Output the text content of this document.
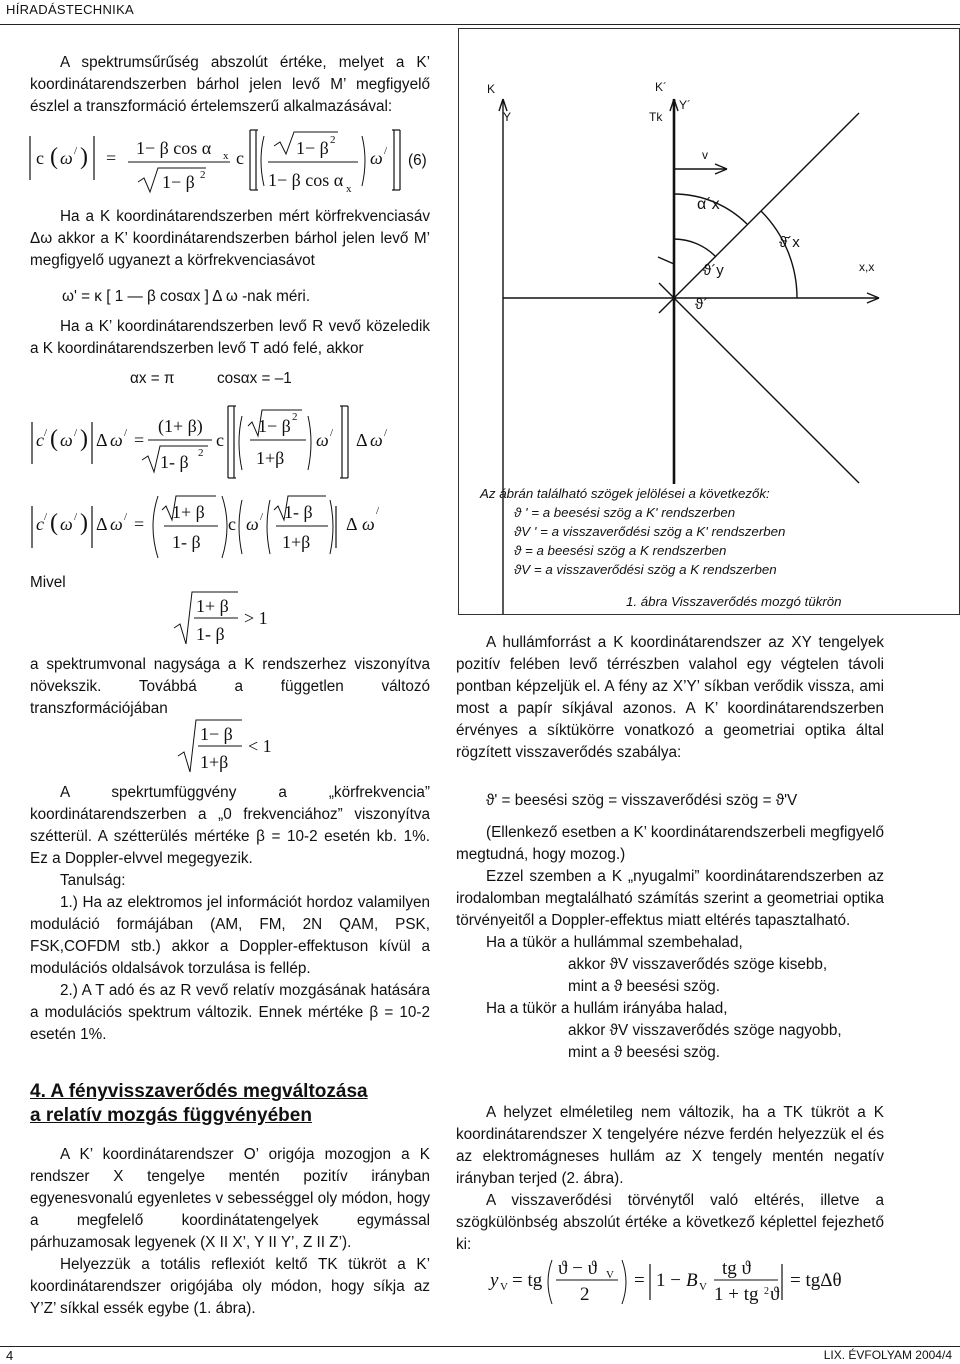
HÍRADÁSTECHNIKA

A spektrumsűrűség abszolút értéke, melyet a K’ koordinátarendszerben bárhol jelen levő M’ megfigyelő észlel a transzformáció értelemszerű alkalmazásával:

c ( ω / ) = 1− β cos α x
1− β 2
c	1− β 2
1− β cos α x
ω /
(6)

Ha a K koordinátarendszerben mért körfrekvenciasáv Δω akkor a K’ koordinátarendszerben bárhol jelen levő M’ megfigyelő ugyanezt a körfrekvenciasávot

ω' = κ [ 1 — β cosαx ] Δ ω -nak méri.

Ha a K’ koordinátarendszerben levő R vevő közeledik a K koordinátarendszerben levő T adó felé, akkor

αx = π          cosαx = –1
c / ( ω / ) Δ ω / =
(1+ β)
1- β 2
c
1− β 2
1+β
ω / Δ ω /
c / ( ω / ) Δ ω / =
1+ β
1- β
c ω / 1- β
1+β
Δ ω
/
Mivel
1+ β
1- β
> 1

a spektrumvonal nagysága a K rendszerhez viszonyítva növekszik. Továbbá a független változó transzformációjában

1− β
1+β
< 1

A spekrtumfüggvény a „körfrekvencia” koordinátarendszerben a „0 frekvenciához” viszonyítva szétterül. A szétterülés mértéke β = 10-2 esetén kb. 1%. Ez a Doppler-elvvel megegyezik.

Tanulság:

1.) Ha az elektromos jel információt hordoz valamilyen moduláció formájában (AM, FM, 2N QAM, PSK, FSK,COFDM stb.) akkor a Doppler-effektuson kívül a modulációs oldalsávok torzulása is fellép.

2.) A T adó és az R vevő relatív mozgásának hatására a modulációs spektrum változik. Ennek mértéke β = 10-2 esetén 1%.

4. A fényvisszaverődés megváltozása
a relatív mozgás függvényében

A K’ koordinátarendszer O’ origója mozogjon a K rendszer X tengelye mentén pozitív irányban egyenesvonalú egyenletes v sebességgel oly módon, hogy a megfelelő koordinátatengelyek egymással párhuzamosak legyenek (X II X’, Y II Y’, Z II Z’).

Helyezzük a totális reflexiót keltő TK tükröt a K’ koordinátarendszer origójába oly módon, hogy síkja az Y’Z’ síkkal essék egybe (1. ábra).

K
Y
K´
Tk
Y´
v
α´x
ϑ̄´x
ϑ´y
ϑ´
x,x
Az ábrán található szögek jelölései a következők:
ϑ ' = a beesési szög a K' rendszerben
ϑV ' = a visszaverődési szög a K' rendszerben
ϑ = a beesési szög a K rendszerben
ϑV = a visszaverődési szög a K rendszerben
1. ábra Visszaverődés mozgó tükrön

A hullámforrást a K koordinátarendszer az XY tengelyek pozitív felében levő térrészben valahol egy végtelen távoli pontban képzeljük el. A fény az X’Y’ síkban verődik vissza, ami most a papír síkjával azonos. A K’ koordinátarendszerben érvényes a síktükörre vonatkozó a geometriai optika által rögzített visszaverődés szabálya:

ϑ' = beesési szög = visszaverődési szög = ϑ'V

(Ellenkező esetben a K’ koordinátarendszerbeli megfigyelő megtudná, hogy mozog.)

Ezzel szemben a K „nyugalmi” koordinátarendszerben az irodalomban megtalálható számítás szerint a geometriai optika törvényeitől a Doppler-effektus miatt eltérés tapasztalható.

Ha a tükör a hullámmal szembehalad,

akkor ϑV visszaverődés szöge kisebb,

mint a ϑ beesési szög.

Ha a tükör a hullám irányába halad,

akkor ϑV visszaverődés szöge nagyobb,

mint a ϑ beesési szög.

A helyzet elméletileg nem változik, ha a TK tükröt a K koordinátarendszer X tengelyére nézve ferdén helyezzük el és az elektromágneses hullám az X tengely mentén negatív irányban terjed (2. ábra).

A visszaverődési törvénytől való eltérés, illetve a szögkülönbség abszolút értéke a következő képlettel fejezhető ki:

y V = tg
ϑ − ϑ V
2
= 1 − B V
tg ϑ
1 + tg 2 ϑ
= tgΔθ
4	LIX. ÉVFOLYAM 2004/4
